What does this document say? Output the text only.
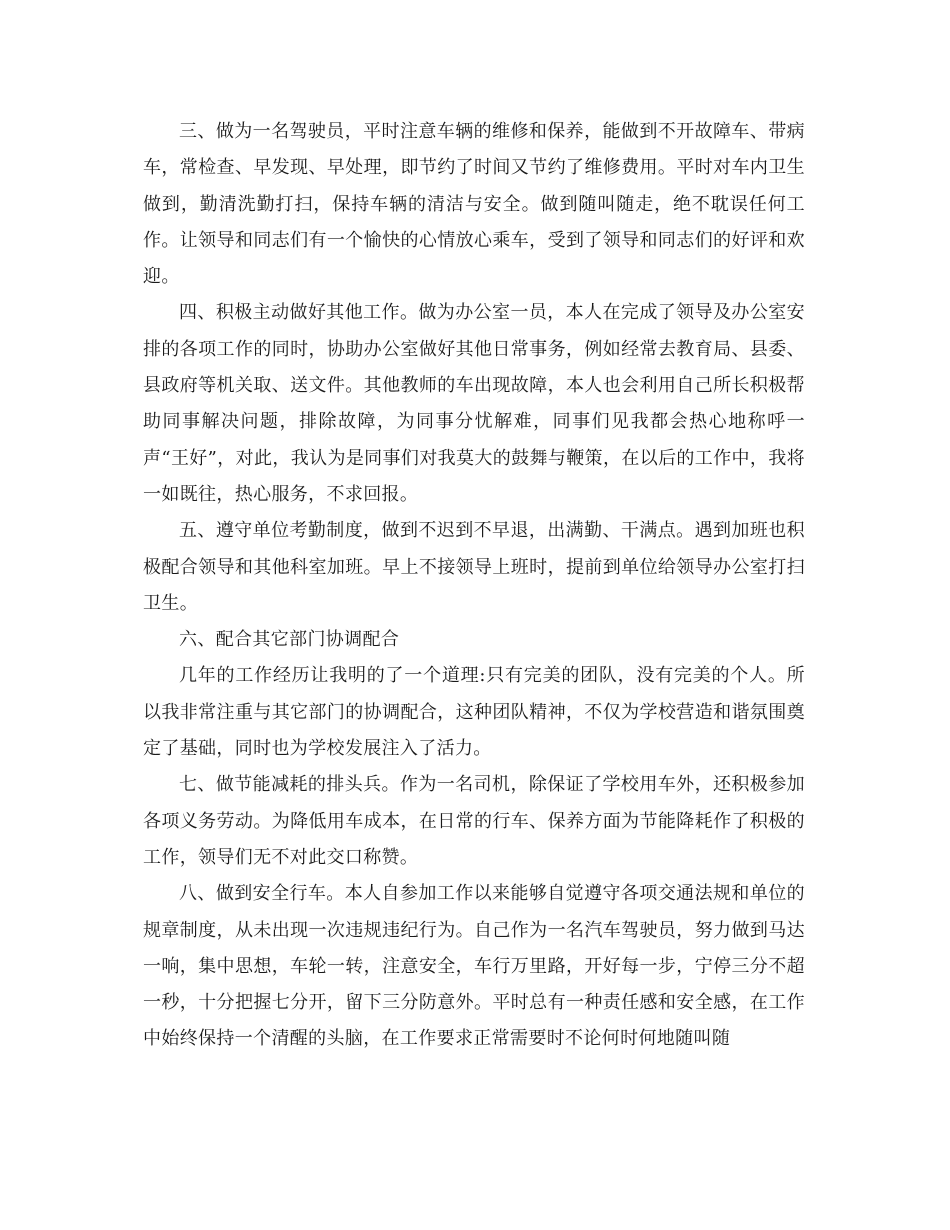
三、做为一名驾驶员，平时注意车辆的维修和保养，能做到不开故障车、带病车，常检查、早发现、早处理，即节约了时间又节约了维修费用。平时对车内卫生做到，勤清洗勤打扫，保持车辆的清洁与安全。做到随叫随走，绝不耽误任何工作。让领导和同志们有一个愉快的心情放心乘车，受到了领导和同志们的好评和欢迎。

四、积极主动做好其他工作。做为办公室一员，本人在完成了领导及办公室安排的各项工作的同时，协助办公室做好其他日常事务，例如经常去教育局、县委、县政府等机关取、送文件。其他教师的车出现故障，本人也会利用自己所长积极帮助同事解决问题，排除故障，为同事分忧解难，同事们见我都会热心地称呼一声“王好”，对此，我认为是同事们对我莫大的鼓舞与鞭策，在以后的工作中，我将一如既往，热心服务，不求回报。

五、遵守单位考勤制度，做到不迟到不早退，出满勤、干满点。遇到加班也积极配合领导和其他科室加班。早上不接领导上班时，提前到单位给领导办公室打扫卫生。

六、配合其它部门协调配合

几年的工作经历让我明的了一个道理:只有完美的团队，没有完美的个人。所以我非常注重与其它部门的协调配合，这种团队精神，不仅为学校营造和谐氛围奠定了基础，同时也为学校发展注入了活力。

七、做节能减耗的排头兵。作为一名司机，除保证了学校用车外，还积极参加各项义务劳动。为降低用车成本，在日常的行车、保养方面为节能降耗作了积极的工作，领导们无不对此交口称赞。

八、做到安全行车。本人自参加工作以来能够自觉遵守各项交通法规和单位的规章制度，从未出现一次违规违纪行为。自己作为一名汽车驾驶员，努力做到马达一响，集中思想，车轮一转，注意安全，车行万里路，开好每一步，宁停三分不超一秒，十分把握七分开，留下三分防意外。平时总有一种责任感和安全感，在工作中始终保持一个清醒的头脑，在工作要求正常需要时不论何时何地随叫随
